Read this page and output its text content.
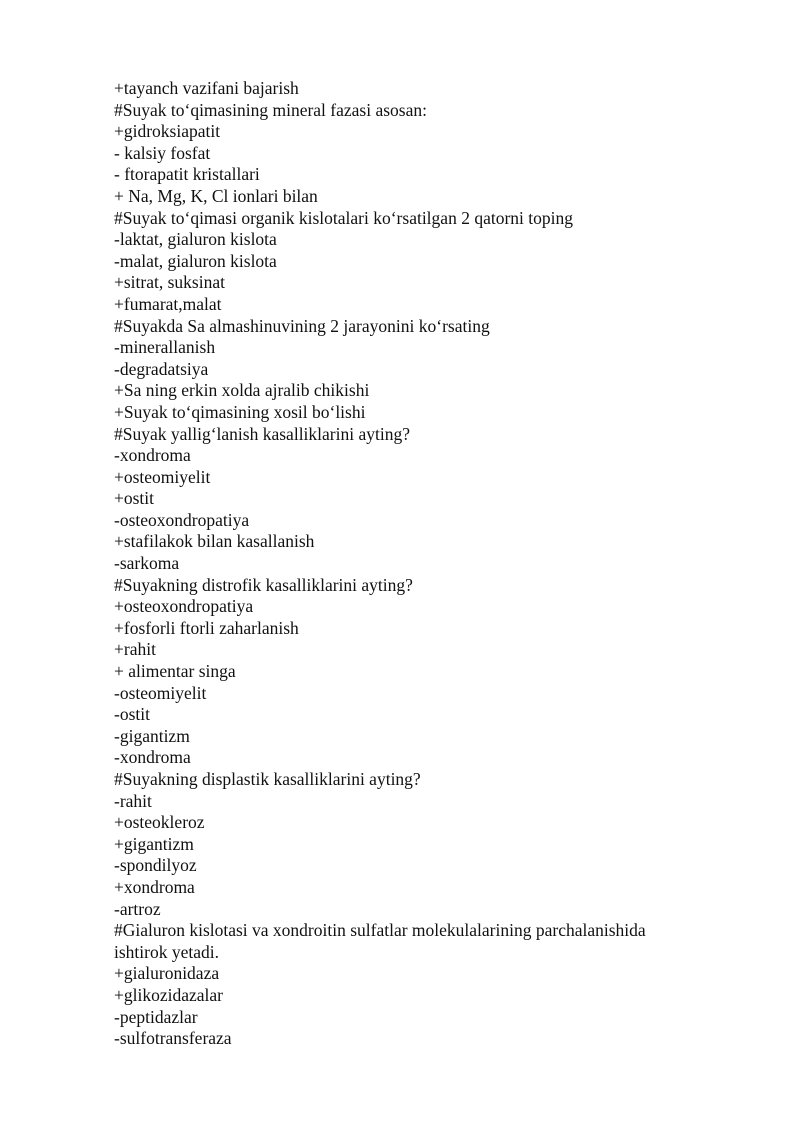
+tayanch vazifani bajarish
#Suyak to‘qimasining mineral fazasi asosan:
+gidroksiapatit
- kalsiy fosfat
- ftorapatit kristallari
+ Na, Mg, K, Cl ionlari bilan
#Suyak to‘qimasi organik kislotalari ko‘rsatilgan 2 qatorni toping
-laktat, gialuron kislota
-malat, gialuron kislota
+sitrat, suksinat
+fumarat,malat
#Suyakda Sa almashinuvining 2 jarayonini ko‘rsating
-minerallanish
-degradatsiya
+Sa ning erkin xolda ajralib chikishi
+Suyak to‘qimasining xosil bo‘lishi
#Suyak yallig‘lanish kasalliklarini ayting?
-xondroma
+osteomiyelit
+ostit
-osteoxondropatiya
+stafilakok bilan kasallanish
-sarkoma
#Suyakning distrofik kasalliklarini ayting?
+osteoxondropatiya
+fosforli ftorli zaharlanish
+rahit
+ alimentar singa
-osteomiyelit
-ostit
-gigantizm
-xondroma
#Suyakning displastik kasalliklarini ayting?
-rahit
+osteokleroz
+gigantizm
-spondilyoz
+xondroma
-artroz
#Gialuron kislotasi va xondroitin sulfatlar molekulalarining parchalanishida
ishtirok yetadi.
+gialuronidaza
+glikozidazalar
-peptidazlar
-sulfotransferaza
